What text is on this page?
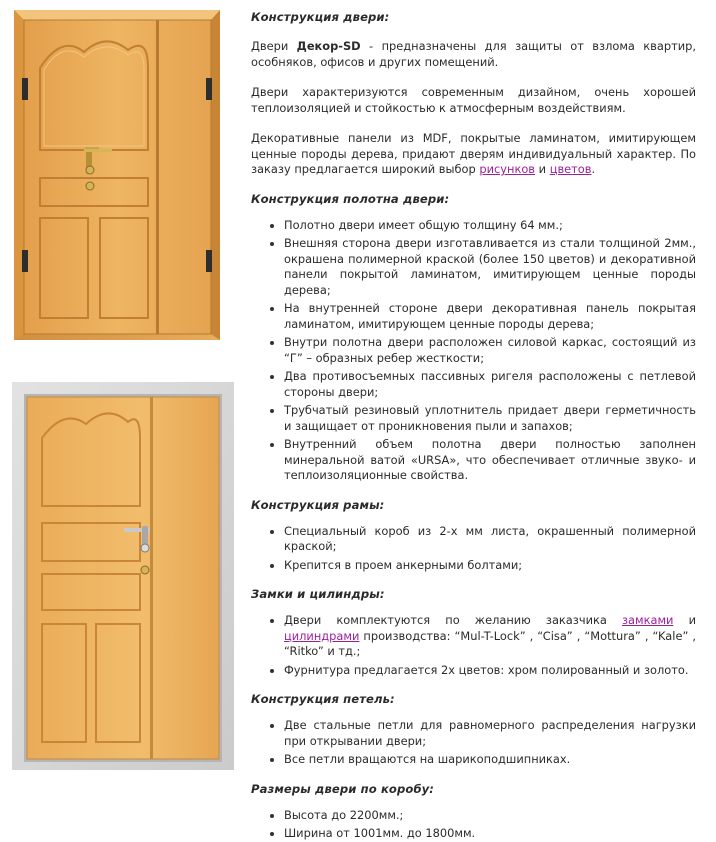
Конструкция двери:

Двери Декор-SD - предназначены для защиты от взлома квартир, особняков, офисов и других помещений.

Двери характеризуются современным дизайном, очень хорошей теплоизоляцией и стойкостью к атмосферным воздействиям.

Декоративные панели из MDF, покрытые ламинатом, имитирующем ценные породы дерева, придают дверям индивидуальный характер. По заказу предлагается широкий выбор рисунков и цветов.

Конструкция полотна двери:
Полотно двери имеет общую толщину 64 мм.;
Внешняя сторона двери изготавливается из стали толщиной 2мм., окрашена полимерной краской (более 150 цветов) и декоративной панели покрытой ламинатом, имитирующем ценные породы дерева;
На внутренней стороне двери декоративная панель покрытая ламинатом, имитирующем ценные породы дерева;
Внутри полотна двери расположен силовой каркас, состоящий из “Г” – образных ребер жесткости;
Два противосъемных пассивных ригеля расположены с петлевой стороны двери;
Трубчатый резиновый уплотнитель придает двери герметичность и защищает от проникновения пыли и запахов;
Внутренний объем полотна двери полностью заполнен минеральной ватой «URSA», что обеспечивает отличные звуко- и теплоизоляционные свойства.
Конструкция рамы:
Специальный короб из 2-х мм листа, окрашенный полимерной краской;
Крепится в проем анкерными болтами;
Замки и цилиндры:
Двери комплектуются по желанию заказчика замками и цилиндрами производства: “Mul-T-Lock” , “Cisa” , “Mottura” , “Kale” , “Ritko” и тд.;
Фурнитура предлагается 2х цветов: хром полированный и золото.
Конструкция петель:
Две стальные петли для равномерного распределения нагрузки при открывании двери;
Все петли вращаются на шарикоподшипниках.
Размеры двери по коробу:
Высота до 2200мм.;
Ширина от 1001мм. до 1800мм.
